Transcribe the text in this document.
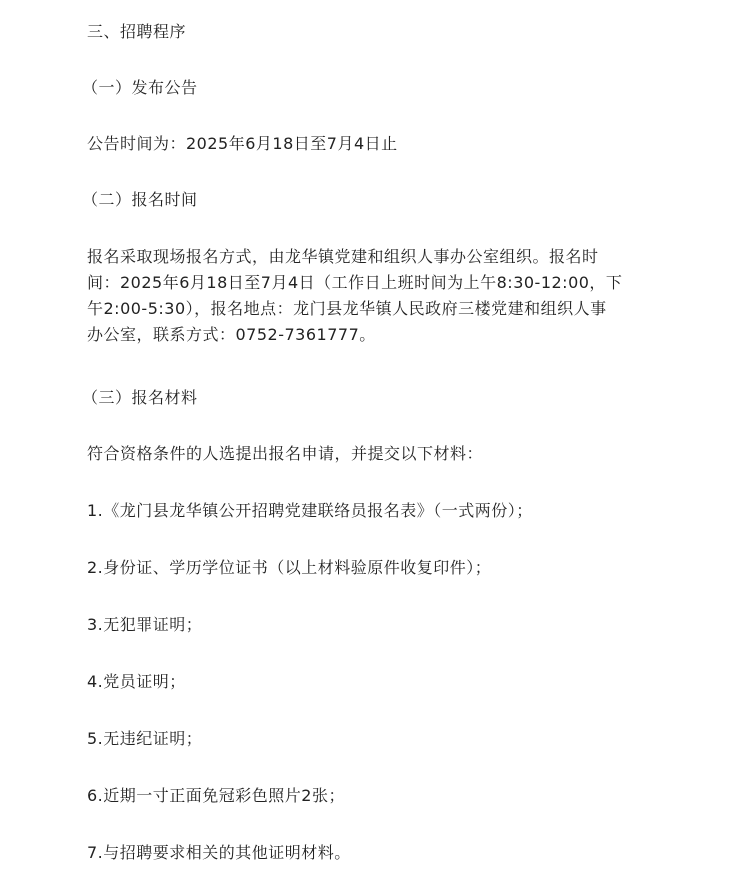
三、招聘程序

（一）发布公告

公告时间为：2025年6月18日至7月4日止

（二）报名时间

报名采取现场报名方式，由龙华镇党建和组织人事办公室组织。报名时
间：2025年6月18日至7月4日（工作日上班时间为上午8:30-12:00，下
午2:00-5:30），报名地点：龙门县龙华镇人民政府三楼党建和组织人事
办公室，联系方式：0752-7361777。

（三）报名材料

符合资格条件的人选提出报名申请，并提交以下材料：

1.《龙门县龙华镇公开招聘党建联络员报名表》（一式两份）；

2.身份证、学历学位证书（以上材料验原件收复印件）；

3.无犯罪证明；

4.党员证明；

5.无违纪证明；

6.近期一寸正面免冠彩色照片2张；

7.与招聘要求相关的其他证明材料。
